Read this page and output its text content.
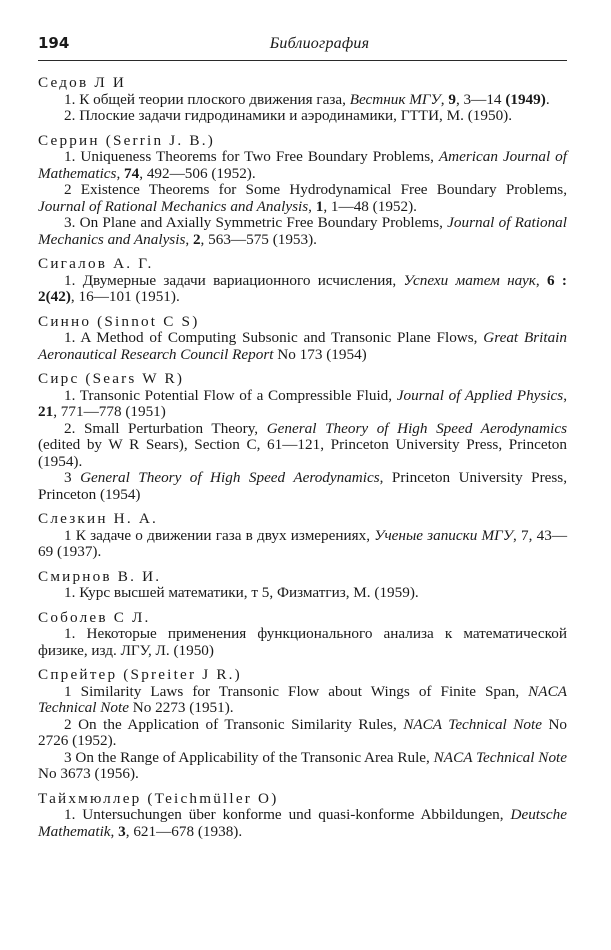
194	Библиография

Седов Л И

1. К общей теории плоского движения газа, Вестник МГУ, 9, 3—14 (1949).

2. Плоские задачи гидродинамики и аэродинамики, ГТТИ, М. (1950).

Серрин (Serrin J. B.)

1. Uniqueness Theorems for Two Free Boundary Problems, American Journal of Mathematics, 74, 492—506 (1952).

2 Existence Theorems for Some Hydrodynamical Free Boundary Problems, Journal of Rational Mechanics and Analysis, 1, 1—48 (1952).

3. On Plane and Axially Symmetric Free Boundary Problems, Journal of Rational Mechanics and Analysis, 2, 563—575 (1953).

Сигалов А. Г.

1. Двумерные задачи вариационного исчисления, Успехи матем наук, 6 : 2(42), 16—101 (1951).

Синно (Sinnot C S)

1. A Method of Computing Subsonic and Transonic Plane Flows, Great Britain Aeronautical Research Council Report No 173 (1954)

Сирс (Sears W R)

1. Transonic Potential Flow of a Compressible Fluid, Journal of Applied Physics, 21, 771—778 (1951)

2. Small Perturbation Theory, General Theory of High Speed Aerodynamics (edited by W R Sears), Section C, 61—121, Princeton University Press, Princeton (1954).

3 General Theory of High Speed Aerodynamics, Princeton University Press, Princeton (1954)

Слезкин Н. А.

1 К задаче о движении газа в двух измерениях, Ученые записки МГУ, 7, 43—69 (1937).

Смирнов В. И.

1. Курс высшей математики, т 5, Физматгиз, М. (1959).

Соболев С Л.

1. Некоторые применения функционального анализа к математической физике, изд. ЛГУ, Л. (1950)

Спрейтер (Spreiter J R.)

1 Similarity Laws for Transonic Flow about Wings of Finite Span, NACA Technical Note No 2273 (1951).

2 On the Application of Transonic Similarity Rules, NACA Technical Note No 2726 (1952).

3 On the Range of Applicability of the Transonic Area Rule, NACA Technical Note No 3673 (1956).

Тайхмюллер (Teichmüller O)

1. Untersuchungen über konforme und quasi-konforme Abbildungen, Deutsche Mathematik, 3, 621—678 (1938).
